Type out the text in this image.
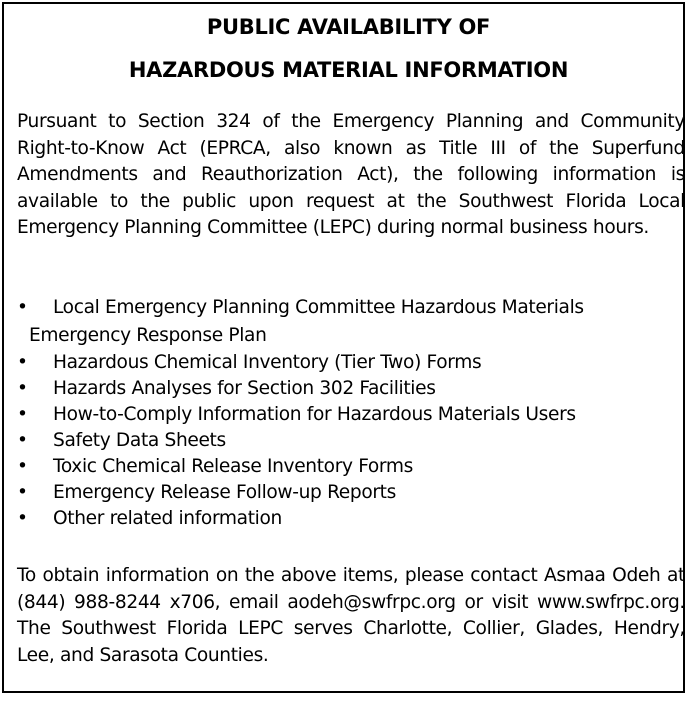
PUBLIC AVAILABILITY OF
HAZARDOUS MATERIAL INFORMATION
Pursuant to Section 324 of the Emergency Planning and Community Right-to-Know Act (EPRCA, also known as Title III of the Superfund Amendments and Reauthorization Act), the following information is available to the public upon request at the Southwest Florida Local Emergency Planning Committee (LEPC) during normal business hours.
• Local Emergency Planning Committee Hazardous Materials
Emergency Response Plan
• Hazardous Chemical Inventory (Tier Two) Forms
• Hazards Analyses for Section 302 Facilities
• How-to-Comply Information for Hazardous Materials Users
• Safety Data Sheets
• Toxic Chemical Release Inventory Forms
• Emergency Release Follow-up Reports
• Other related information
To obtain information on the above items, please contact Asmaa Odeh at (844) 988-8244 x706, email aodeh@swfrpc.org or visit www.swfrpc.org. The Southwest Florida LEPC serves Charlotte, Collier, Glades, Hendry, Lee, and Sarasota Counties.
